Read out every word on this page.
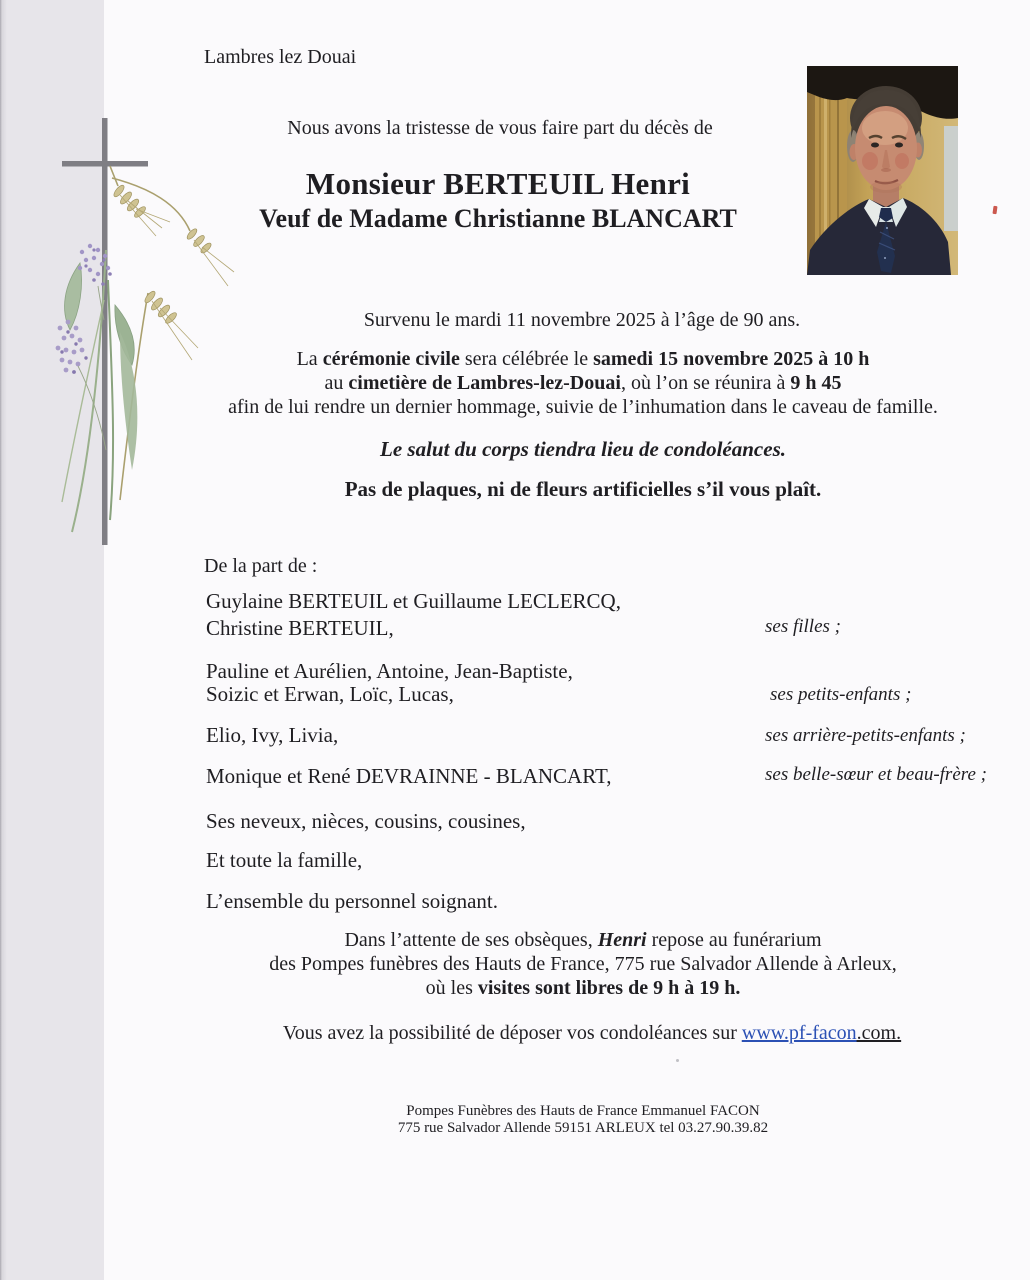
Lambres lez Douai
Nous avons la tristesse de vous faire part du décès de
Monsieur BERTEUIL Henri
Veuf de Madame Christianne BLANCART
Survenu le mardi 11 novembre 2025 à l’âge de 90 ans.
La cérémonie civile sera célébrée le samedi 15 novembre 2025 à 10 h
au cimetière de Lambres-lez-Douai, où l’on se réunira à 9 h 45
afin de lui rendre un dernier hommage, suivie de l’inhumation dans le caveau de famille.
Le salut du corps tiendra lieu de condoléances.
Pas de plaques, ni de fleurs artificielles s’il vous plaît.
De la part de :
Guylaine BERTEUIL et Guillaume LECLERCQ,
Christine BERTEUIL,	ses filles ;
Pauline et Aurélien, Antoine, Jean-Baptiste,
Soizic et Erwan, Loïc, Lucas,	ses petits-enfants ;
Elio, Ivy, Livia,	ses arrière-petits-enfants ;
Monique et René DEVRAINNE - BLANCART,	ses belle-sœur et beau-frère ;
Ses neveux, nièces, cousins, cousines,
Et toute la famille,
L’ensemble du personnel soignant.
Dans l’attente de ses obsèques, Henri repose au funérarium
des Pompes funèbres des Hauts de France, 775 rue Salvador Allende à Arleux,
où les visites sont libres de 9 h à 19 h.
Vous avez la possibilité de déposer vos condoléances sur www.pf-facon.com.
Pompes Funèbres des Hauts de France Emmanuel FACON
775 rue Salvador Allende 59151 ARLEUX tel 03.27.90.39.82
